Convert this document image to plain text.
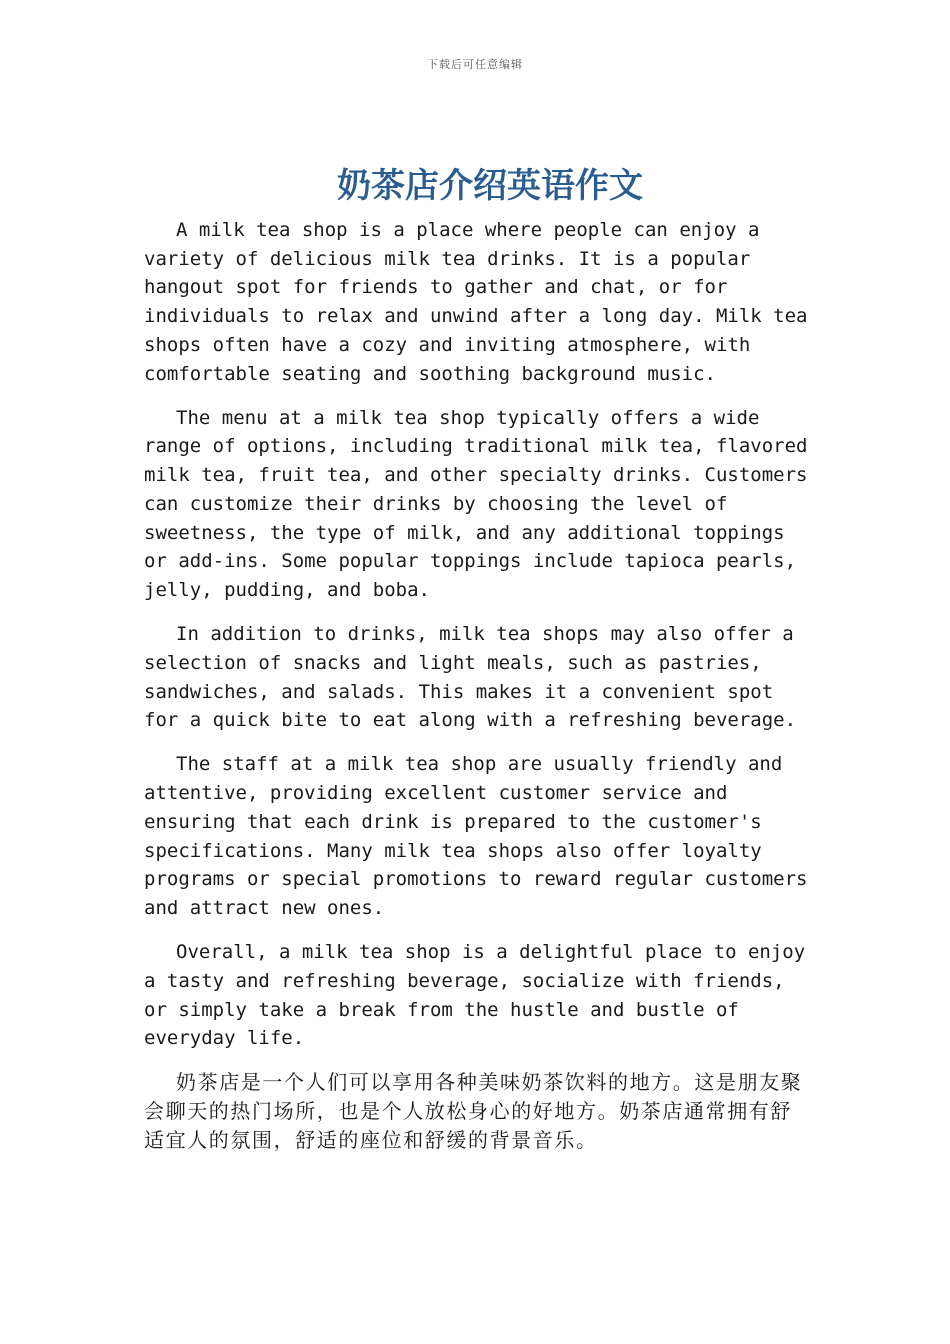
下载后可任意编辑
奶茶店介绍英语作文

A milk tea shop is a place where people can enjoy a variety of delicious milk tea drinks. It is a popular hangout spot for friends to gather and chat, or for individuals to relax and unwind after a long day. Milk tea shops often have a cozy and inviting atmosphere, with comfortable seating and soothing background music.

The menu at a milk tea shop typically offers a wide range of options, including traditional milk tea, flavored milk tea, fruit tea, and other specialty drinks. Customers can customize their drinks by choosing the level of sweetness, the type of milk, and any additional toppings or add-ins. Some popular toppings include tapioca pearls, jelly, pudding, and boba.

In addition to drinks, milk tea shops may also offer a selection of snacks and light meals, such as pastries, sandwiches, and salads. This makes it a convenient spot for a quick bite to eat along with a refreshing beverage.

The staff at a milk tea shop are usually friendly and attentive, providing excellent customer service and ensuring that each drink is prepared to the customer's specifications. Many milk tea shops also offer loyalty programs or special promotions to reward regular customers and attract new ones.

Overall, a milk tea shop is a delightful place to enjoy a tasty and refreshing beverage, socialize with friends, or simply take a break from the hustle and bustle of everyday life.

奶茶店是一个人们可以享用各种美味奶茶饮料的地方。这是朋友聚会聊天的热门场所，也是个人放松身心的好地方。奶茶店通常拥有舒适宜人的氛围，舒适的座位和舒缓的背景音乐。
